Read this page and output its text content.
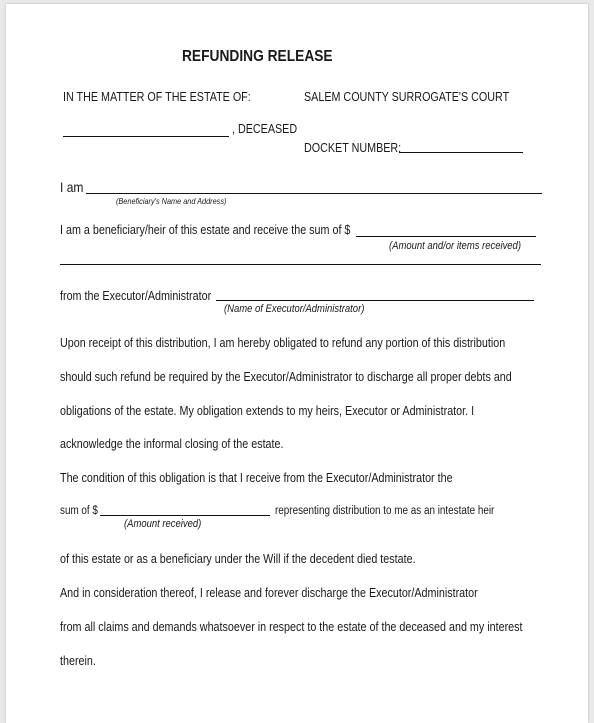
REFUNDING RELEASE
IN THE MATTER OF THE ESTATE OF:	SALEM COUNTY SURROGATE'S COURT
, DECEASED
DOCKET NUMBER:
I am
(Beneficiary's Name and Address)
I am a beneficiary/heir of this estate and receive the sum of $
(Amount and/or items received)
from the Executor/Administrator
(Name of Executor/Administrator)
Upon receipt of this distribution, I am hereby obligated to refund any portion of this distribution
should such refund be required by the Executor/Administrator to discharge all proper debts and
obligations of the estate. My obligation extends to my heirs, Executor or Administrator. I
acknowledge the informal closing of the estate.
The condition of this obligation is that I receive from the Executor/Administrator the
sum of $	representing distribution to me as an intestate heir
(Amount received)
of this estate or as a beneficiary under the Will if the decedent died testate.
And in consideration thereof, I release and forever discharge the Executor/Administrator
from all claims and demands whatsoever in respect to the estate of the deceased and my interest
therein.
